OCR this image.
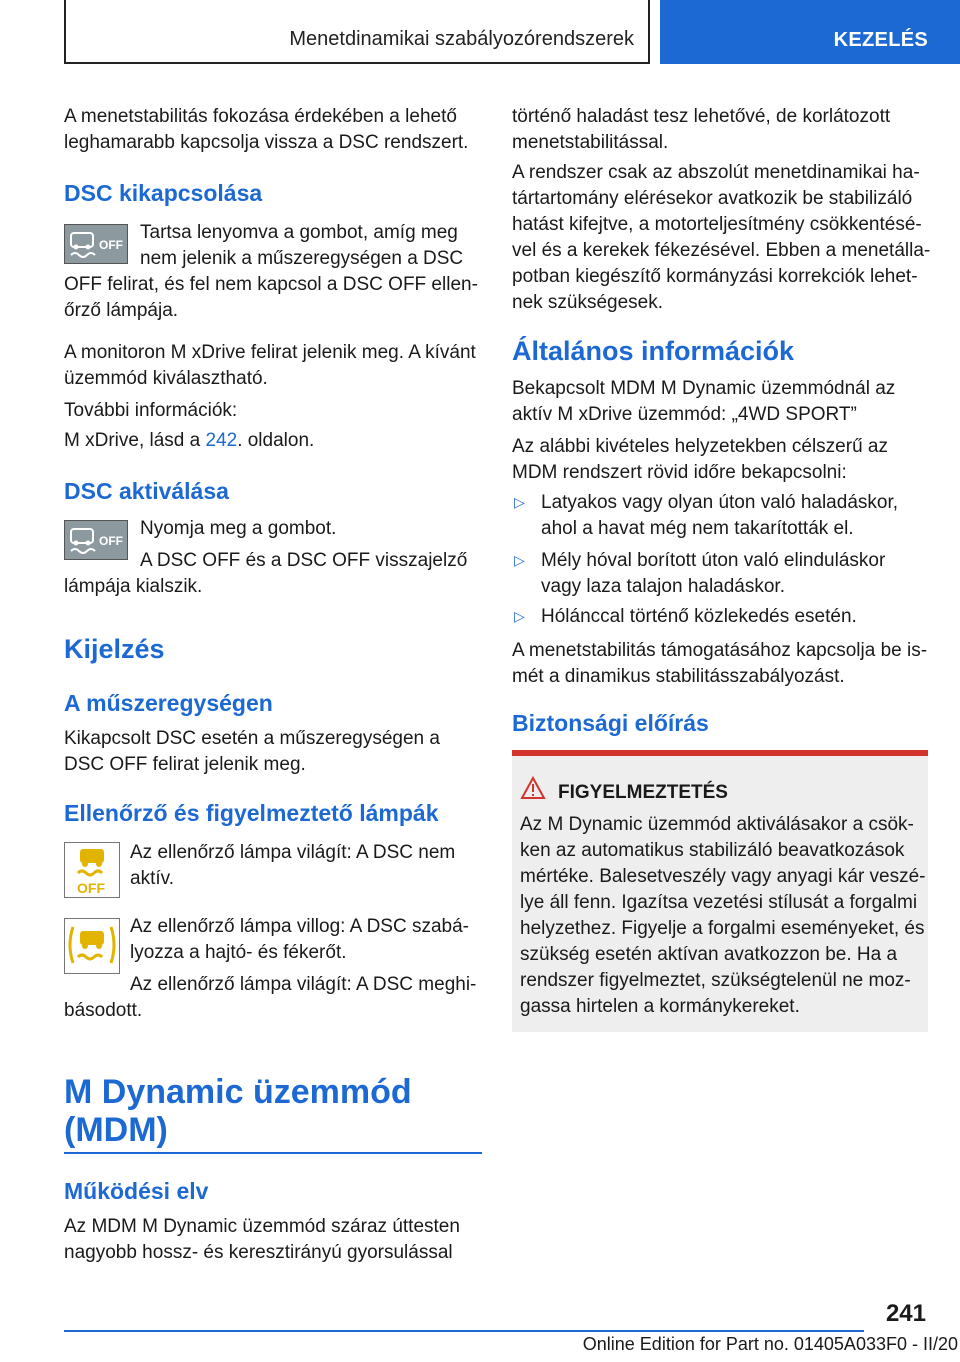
Menetdinamikai szabályozórendszerek	KEZELÉS
A menetstabilitás fokozása érdekében a lehető
leghamarabb kapcsolja vissza a DSC rendszert.
DSC kikapcsolása
OFF
Tartsa lenyomva a gombot, amíg meg
nem jelenik a műszeregységen a DSC
OFF felirat, és fel nem kapcsol a DSC OFF ellen-
őrző lámpája.
A monitoron M xDrive felirat jelenik meg. A kívánt
üzemmód kiválasztható.
További információk:
M xDrive, lásd a 242. oldalon.
DSC aktiválása
OFF
Nyomja meg a gombot.
A DSC OFF és a DSC OFF visszajelző
lámpája kialszik.
Kijelzés
A műszeregységen
Kikapcsolt DSC esetén a műszeregységen a
DSC OFF felirat jelenik meg.
Ellenőrző és figyelmeztető lámpák
OFF
Az ellenőrző lámpa világít: A DSC nem
aktív.
Az ellenőrző lámpa villog: A DSC szabá-
lyozza a hajtó- és fékerőt.
Az ellenőrző lámpa világít: A DSC meghi-
básodott.
M Dynamic üzemmód
(MDM)
Működési elv
Az MDM M Dynamic üzemmód száraz úttesten
nagyobb hossz- és keresztirányú gyorsulással
történő haladást tesz lehetővé, de korlátozott
menetstabilitással.
A rendszer csak az abszolút menetdinamikai ha-
tártartomány elérésekor avatkozik be stabilizáló
hatást kifejtve, a motorteljesítmény csökkentésé-
vel és a kerekek fékezésével. Ebben a menetálla-
potban kiegészítő kormányzási korrekciók lehet-
nek szükségesek.
Általános információk
Bekapcsolt MDM M Dynamic üzemmódnál az
aktív M xDrive üzemmód: „4WD SPORT”
Az alábbi kivételes helyzetekben célszerű az
MDM rendszert rövid időre bekapcsolni:
▷ Latyakos vagy olyan úton való haladáskor,
ahol a havat még nem takarították el.
▷ Mély hóval borított úton való elinduláskor
vagy laza talajon haladáskor.
▷ Hólánccal történő közlekedés esetén.
A menetstabilitás támogatásához kapcsolja be is-
mét a dinamikus stabilitásszabályozást.
Biztonsági előírás
FIGYELMEZTETÉS
Az M Dynamic üzemmód aktiválásakor a csök-
ken az automatikus stabilizáló beavatkozások
mértéke. Balesetveszély vagy anyagi kár veszé-
lye áll fenn. Igazítsa vezetési stílusát a forgalmi
helyzethez. Figyelje a forgalmi eseményeket, és
szükség esetén aktívan avatkozzon be. Ha a
rendszer figyelmeztet, szükségtelenül ne moz-
gassa hirtelen a kormánykereket.
241
Online Edition for Part no. 01405A033F0 - II/20
